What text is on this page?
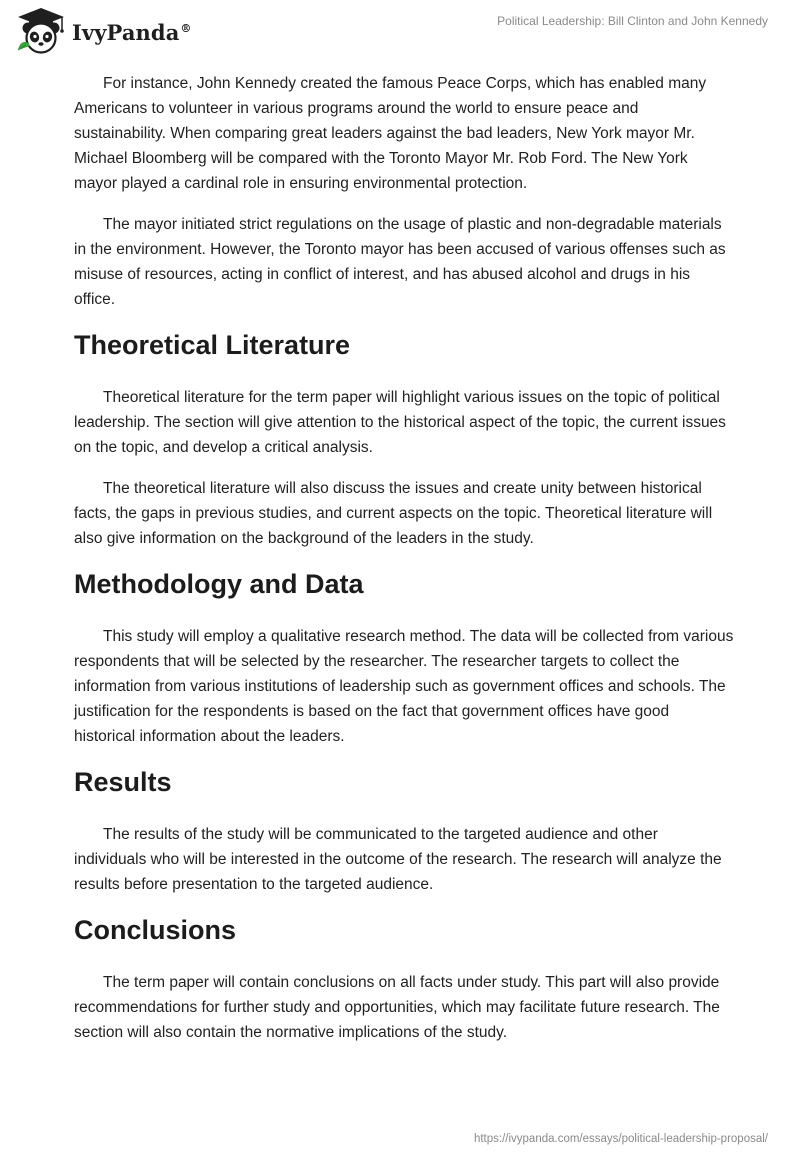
IvyPanda®	Political Leadership: Bill Clinton and John Kennedy

For instance, John Kennedy created the famous Peace Corps, which has enabled many Americans to volunteer in various programs around the world to ensure peace and sustainability. When comparing great leaders against the bad leaders, New York mayor Mr. Michael Bloomberg will be compared with the Toronto Mayor Mr. Rob Ford. The New York mayor played a cardinal role in ensuring environmental protection.

The mayor initiated strict regulations on the usage of plastic and non-degradable materials in the environment. However, the Toronto mayor has been accused of various offenses such as misuse of resources, acting in conflict of interest, and has abused alcohol and drugs in his office.

Theoretical Literature

Theoretical literature for the term paper will highlight various issues on the topic of political leadership. The section will give attention to the historical aspect of the topic, the current issues on the topic, and develop a critical analysis.

The theoretical literature will also discuss the issues and create unity between historical facts, the gaps in previous studies, and current aspects on the topic. Theoretical literature will also give information on the background of the leaders in the study.

Methodology and Data

This study will employ a qualitative research method. The data will be collected from various respondents that will be selected by the researcher. The researcher targets to collect the information from various institutions of leadership such as government offices and schools. The justification for the respondents is based on the fact that government offices have good historical information about the leaders.

Results

The results of the study will be communicated to the targeted audience and other individuals who will be interested in the outcome of the research. The research will analyze the results before presentation to the targeted audience.

Conclusions

The term paper will contain conclusions on all facts under study. This part will also provide recommendations for further study and opportunities, which may facilitate future research. The section will also contain the normative implications of the study.

https://ivypanda.com/essays/political-leadership-proposal/
